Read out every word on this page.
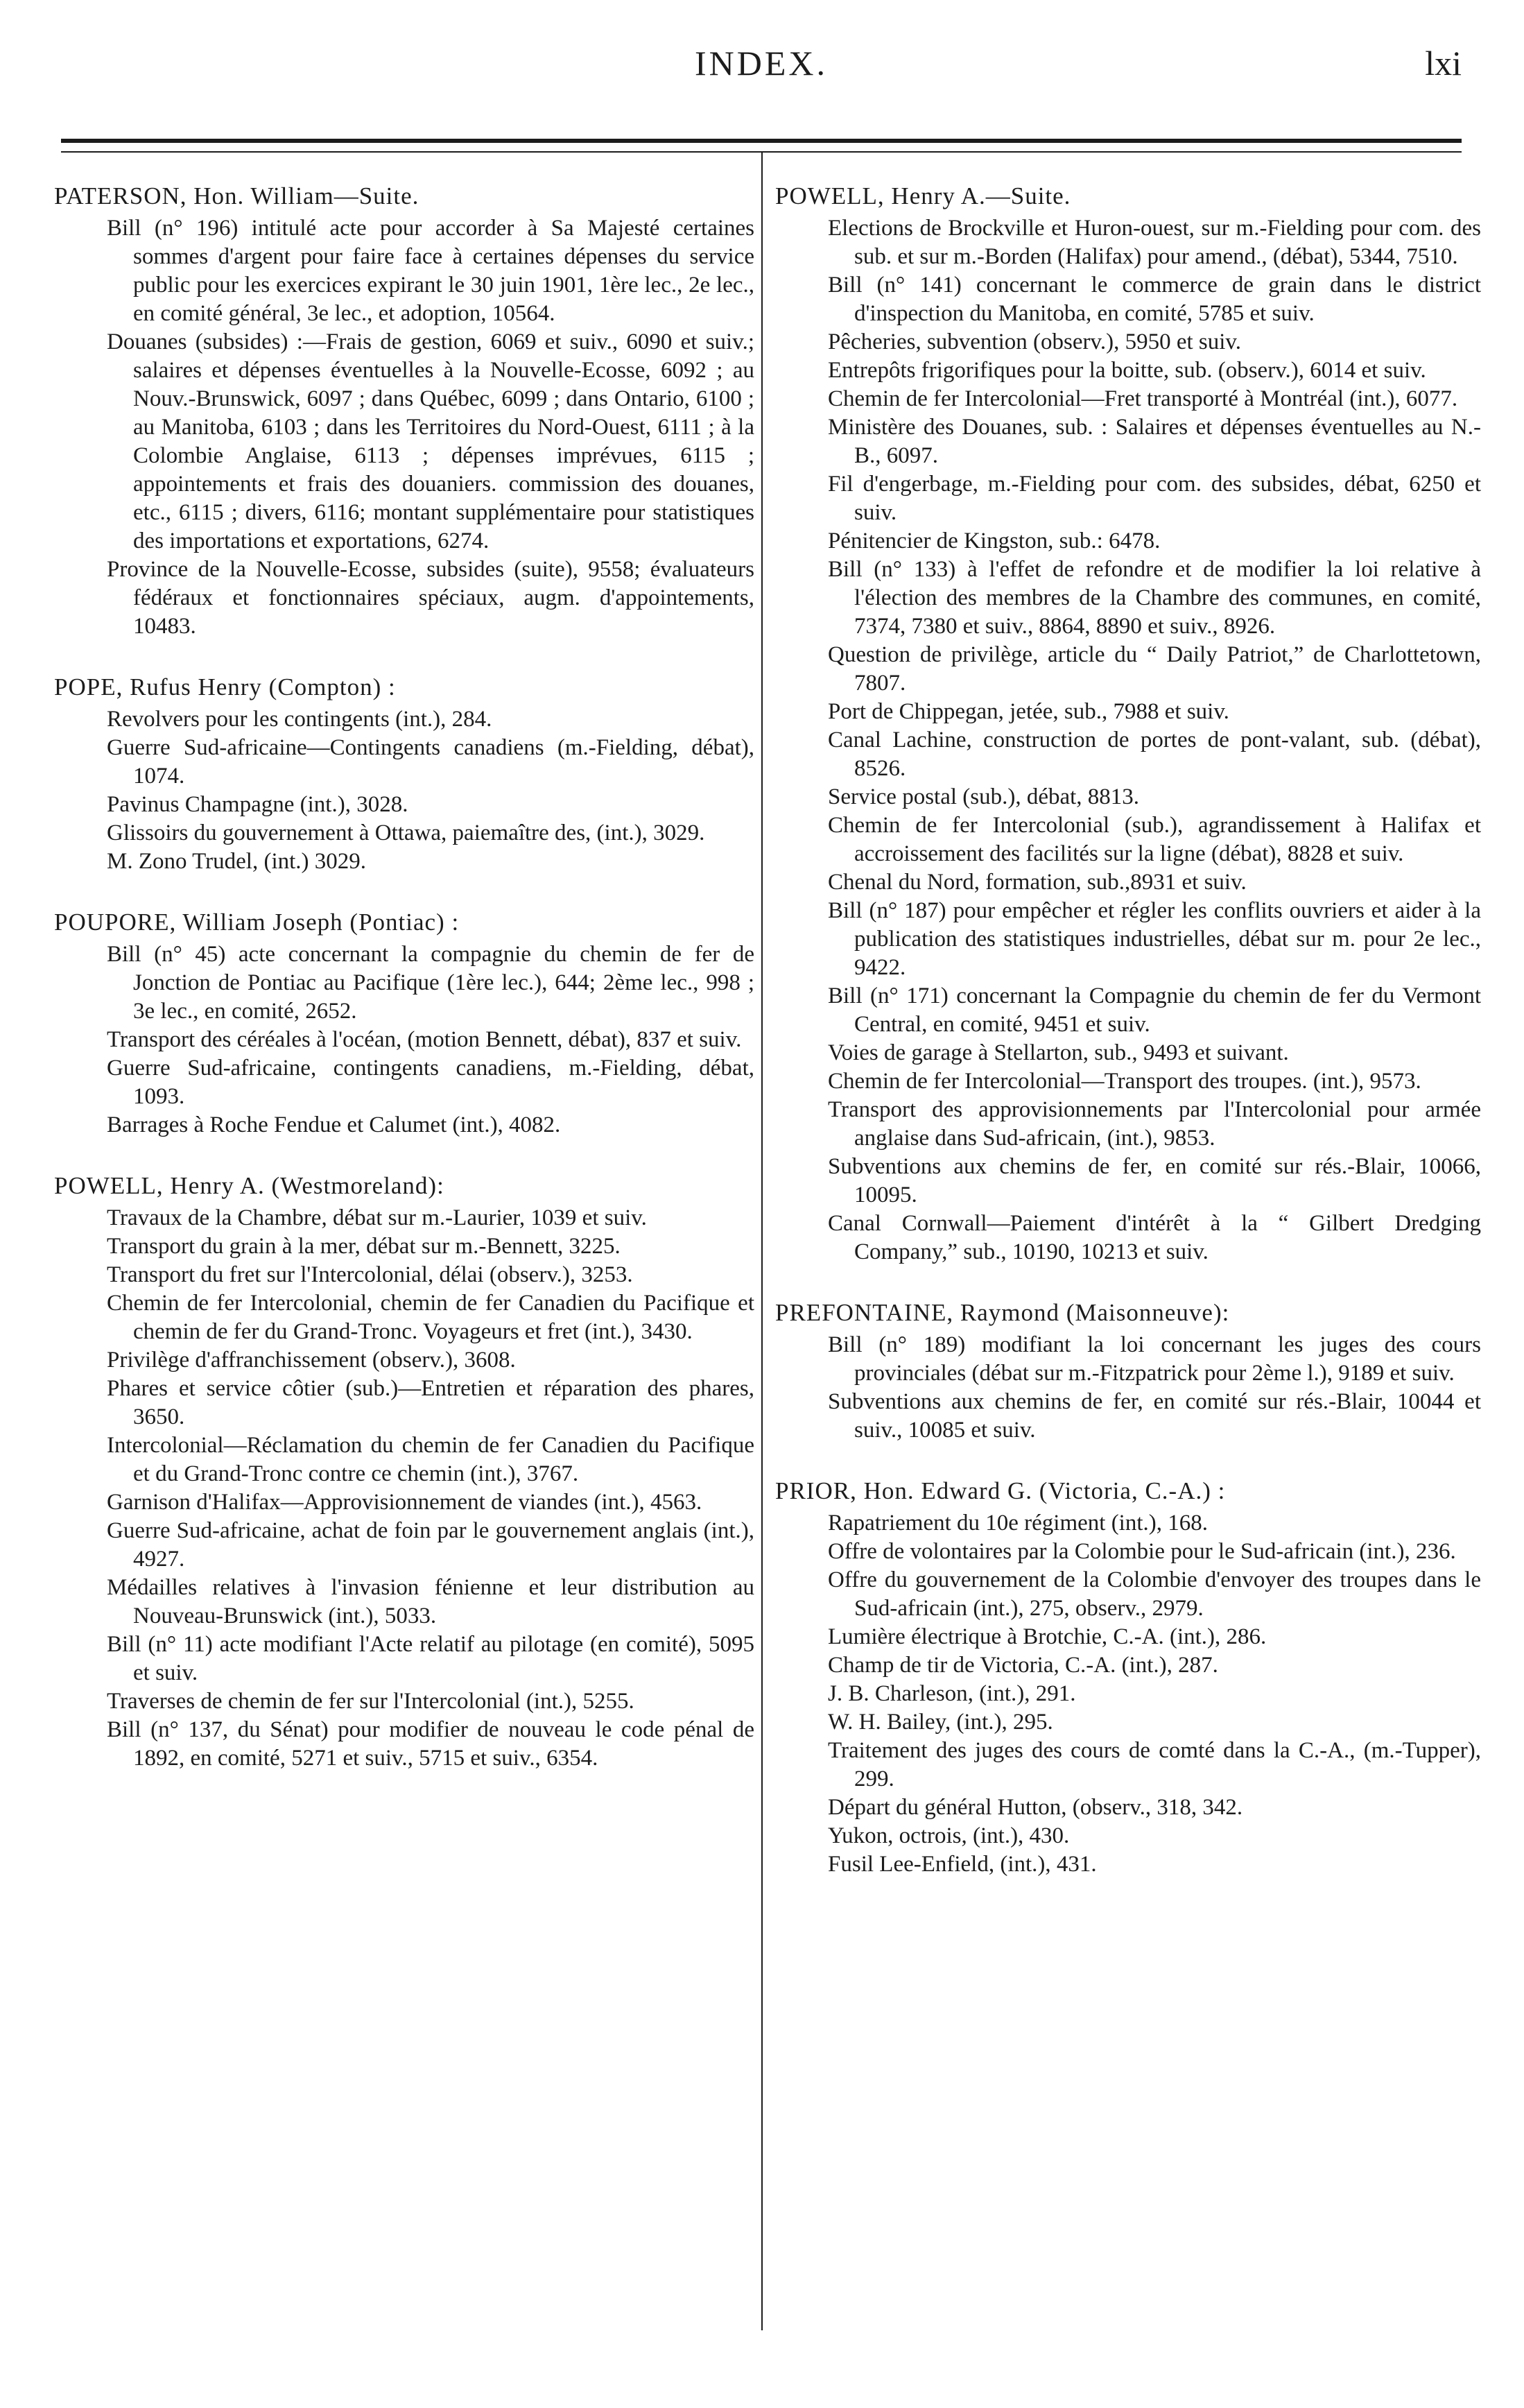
INDEX.	lxi
PATERSON, Hon. William—Suite.

Bill (n° 196) intitulé acte pour accorder à Sa Majesté certaines sommes d'argent pour faire face à certaines dépenses du service public pour les exercices expirant le 30 juin 1901, 1ère lec., 2e lec., en comité général, 3e lec., et adoption, 10564.

Douanes (subsides) :—Frais de gestion, 6069 et suiv., 6090 et suiv.; salaires et dépenses éventuelles à la Nouvelle-Ecosse, 6092 ; au Nouv.-Brunswick, 6097 ; dans Québec, 6099 ; dans Ontario, 6100 ; au Manitoba, 6103 ; dans les Territoires du Nord-Ouest, 6111 ; à la Colombie Anglaise, 6113 ; dépenses imprévues, 6115 ; appointements et frais des douaniers. commission des douanes, etc., 6115 ; divers, 6116; montant supplémentaire pour statistiques des importations et exportations, 6274.

Province de la Nouvelle-Ecosse, subsides (suite), 9558; évaluateurs fédéraux et fonctionnaires spéciaux, augm. d'appointements, 10483.

POPE, Rufus Henry (Compton) :

Revolvers pour les contingents (int.), 284.

Guerre Sud-africaine—Contingents canadiens (m.-Fielding, débat), 1074.

Pavinus Champagne (int.), 3028.

Glissoirs du gouvernement à Ottawa, paiemaître des, (int.), 3029.

M. Zono Trudel, (int.) 3029.

POUPORE, William Joseph (Pontiac) :

Bill (n° 45) acte concernant la compagnie du chemin de fer de Jonction de Pontiac au Pacifique (1ère lec.), 644; 2ème lec., 998 ; 3e lec., en comité, 2652.

Transport des céréales à l'océan, (motion Bennett, débat), 837 et suiv.

Guerre Sud-africaine, contingents canadiens, m.-Fielding, débat, 1093.

Barrages à Roche Fendue et Calumet (int.), 4082.

POWELL, Henry A. (Westmoreland):

Travaux de la Chambre, débat sur m.-Laurier, 1039 et suiv.

Transport du grain à la mer, débat sur m.-Bennett, 3225.

Transport du fret sur l'Intercolonial, délai (observ.), 3253.

Chemin de fer Intercolonial, chemin de fer Canadien du Pacifique et chemin de fer du Grand-Tronc. Voyageurs et fret (int.), 3430.

Privilège d'affranchissement (observ.), 3608.

Phares et service côtier (sub.)—Entretien et réparation des phares, 3650.

Intercolonial—Réclamation du chemin de fer Canadien du Pacifique et du Grand-Tronc contre ce chemin (int.), 3767.

Garnison d'Halifax—Approvisionnement de viandes (int.), 4563.

Guerre Sud-africaine, achat de foin par le gouvernement anglais (int.), 4927.

Médailles relatives à l'invasion fénienne et leur distribution au Nouveau-Brunswick (int.), 5033.

Bill (n° 11) acte modifiant l'Acte relatif au pilotage (en comité), 5095 et suiv.

Traverses de chemin de fer sur l'Intercolonial (int.), 5255.

Bill (n° 137, du Sénat) pour modifier de nouveau le code pénal de 1892, en comité, 5271 et suiv., 5715 et suiv., 6354.

POWELL, Henry A.—Suite.

Elections de Brockville et Huron-ouest, sur m.-Fielding pour com. des sub. et sur m.-Borden (Halifax) pour amend., (débat), 5344, 7510.

Bill (n° 141) concernant le commerce de grain dans le district d'inspection du Manitoba, en comité, 5785 et suiv.

Pêcheries, subvention (observ.), 5950 et suiv.

Entrepôts frigorifiques pour la boitte, sub. (observ.), 6014 et suiv.

Chemin de fer Intercolonial—Fret transporté à Montréal (int.), 6077.

Ministère des Douanes, sub. : Salaires et dépenses éventuelles au N.-B., 6097.

Fil d'engerbage, m.-Fielding pour com. des subsides, débat, 6250 et suiv.

Pénitencier de Kingston, sub.: 6478.

Bill (n° 133) à l'effet de refondre et de modifier la loi relative à l'élection des membres de la Chambre des communes, en comité, 7374, 7380 et suiv., 8864, 8890 et suiv., 8926.

Question de privilège, article du “ Daily Patriot,” de Charlottetown, 7807.

Port de Chippegan, jetée, sub., 7988 et suiv.

Canal Lachine, construction de portes de pont-valant, sub. (débat), 8526.

Service postal (sub.), débat, 8813.

Chemin de fer Intercolonial (sub.), agrandissement à Halifax et accroissement des facilités sur la ligne (débat), 8828 et suiv.

Chenal du Nord, formation, sub.,8931 et suiv.

Bill (n° 187) pour empêcher et régler les conflits ouvriers et aider à la publication des statistiques industrielles, débat sur m. pour 2e lec., 9422.

Bill (n° 171) concernant la Compagnie du chemin de fer du Vermont Central, en comité, 9451 et suiv.

Voies de garage à Stellarton, sub., 9493 et suivant.

Chemin de fer Intercolonial—Transport des troupes. (int.), 9573.

Transport des approvisionnements par l'Intercolonial pour armée anglaise dans Sud-africain, (int.), 9853.

Subventions aux chemins de fer, en comité sur rés.-Blair, 10066, 10095.

Canal Cornwall—Paiement d'intérêt à la “ Gilbert Dredging Company,” sub., 10190, 10213 et suiv.

PREFONTAINE, Raymond (Maisonneuve):

Bill (n° 189) modifiant la loi concernant les juges des cours provinciales (débat sur m.-Fitzpatrick pour 2ème l.), 9189 et suiv.

Subventions aux chemins de fer, en comité sur rés.-Blair, 10044 et suiv., 10085 et suiv.

PRIOR, Hon. Edward G. (Victoria, C.-A.) :

Rapatriement du 10e régiment (int.), 168.

Offre de volontaires par la Colombie pour le Sud-africain (int.), 236.

Offre du gouvernement de la Colombie d'envoyer des troupes dans le Sud-africain (int.), 275, observ., 2979.

Lumière électrique à Brotchie, C.-A. (int.), 286.

Champ de tir de Victoria, C.-A. (int.), 287.

J. B. Charleson, (int.), 291.

W. H. Bailey, (int.), 295.

Traitement des juges des cours de comté dans la C.-A., (m.-Tupper), 299.

Départ du général Hutton, (observ., 318, 342.

Yukon, octrois, (int.), 430.

Fusil Lee-Enfield, (int.), 431.
